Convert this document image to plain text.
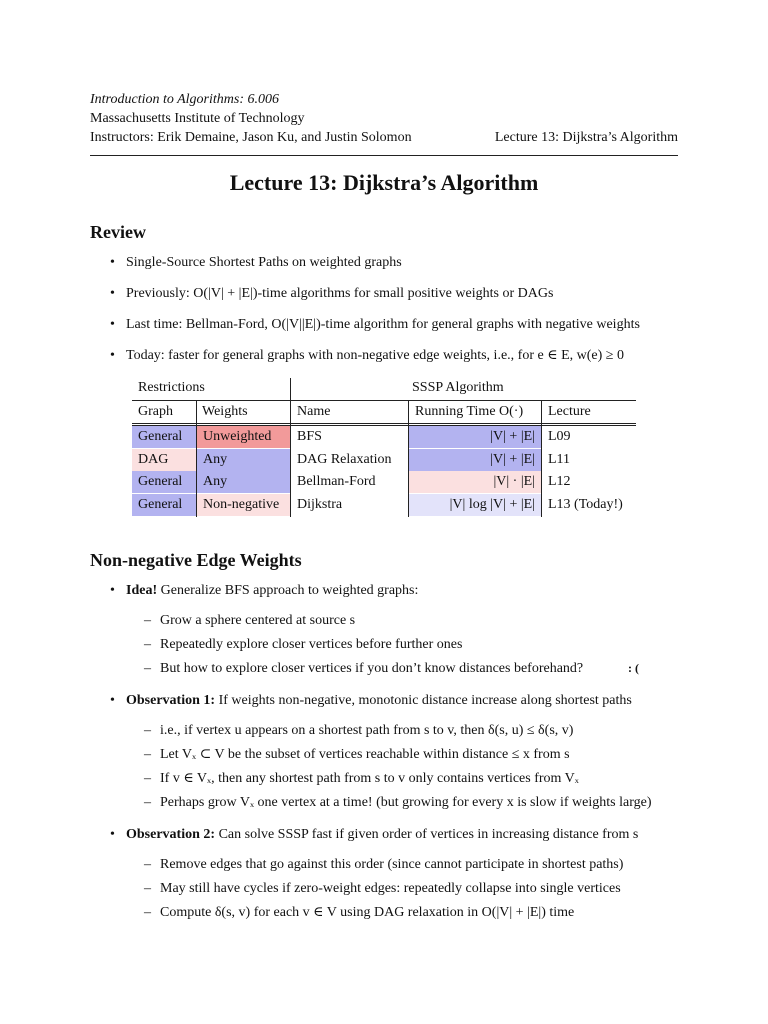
Introduction to Algorithms: 6.006
Massachusetts Institute of Technology
Instructors: Erik Demaine, Jason Ku, and Justin Solomon	Lecture 13: Dijkstra’s Algorithm
Lecture 13: Dijkstra’s Algorithm
Review
• Single-Source Shortest Paths on weighted graphs
• Previously: O(|V| + |E|)-time algorithms for small positive weights or DAGs
• Last time: Bellman-Ford, O(|V||E|)-time algorithm for general graphs with negative weights
• Today: faster for general graphs with non-negative edge weights, i.e., for e ∈ E, w(e) ≥ 0
Restrictions	SSSP Algorithm
Graph	Weights	Name	Running Time O(·)	Lecture
General	Unweighted	BFS	|V| + |E| L09
DAG	Any	DAG Relaxation	|V| + |E| L11
General	Any	Bellman-Ford	|V| · |E| L12
General	Non-negative	Dijkstra	|V| log |V| + |E| L13 (Today!)
Non-negative Edge Weights
• Idea! Generalize BFS approach to weighted graphs:
– Grow a sphere centered at source s
– Repeatedly explore closer vertices before further ones
– But how to explore closer vertices if you don’t know distances beforehand?	: (
• Observation 1: If weights non-negative, monotonic distance increase along shortest paths
– i.e., if vertex u appears on a shortest path from s to v, then δ(s, u) ≤ δ(s, v)
– Let Vₓ ⊂ V be the subset of vertices reachable within distance ≤ x from s
– If v ∈ Vₓ, then any shortest path from s to v only contains vertices from Vₓ
– Perhaps grow Vₓ one vertex at a time! (but growing for every x is slow if weights large)
• Observation 2: Can solve SSSP fast if given order of vertices in increasing distance from s
– Remove edges that go against this order (since cannot participate in shortest paths)
– May still have cycles if zero-weight edges: repeatedly collapse into single vertices
– Compute δ(s, v) for each v ∈ V using DAG relaxation in O(|V| + |E|) time
